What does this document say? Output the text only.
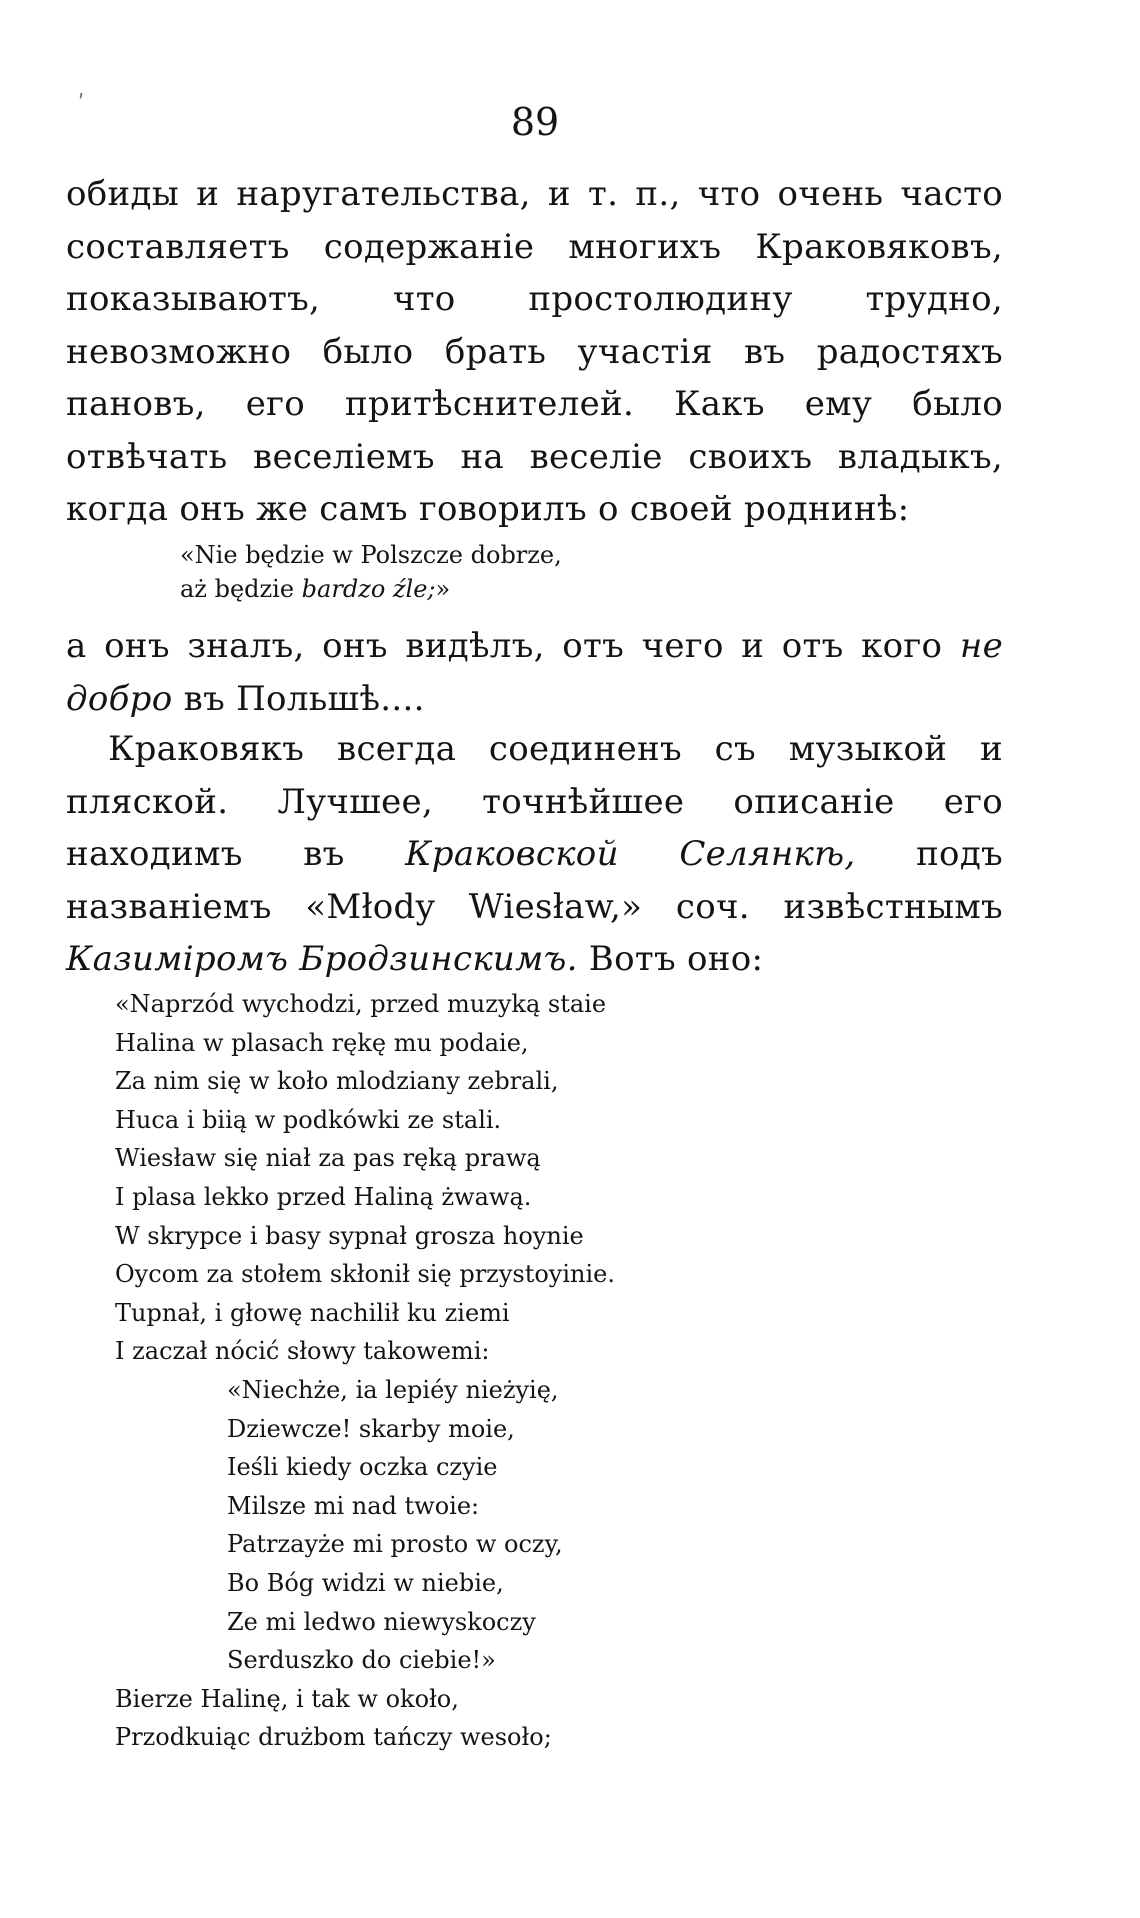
ʹ	89

обиды и наругательства, и т. п., что очень часто составляетъ содержанiе многихъ Краковяковъ, показываютъ, что простолюдину трудно, невозможно было брать участiя въ радостяхъ пановъ, его притѣснителей. Какъ ему было отвѣчать веселiемъ на веселiе своихъ владыкъ, когда онъ же самъ говорилъ о своей роднинѣ:

«Nie będzie w Polszcze dobrze,
aż będzie bardzo źle;»

а онъ зналъ, онъ видѣлъ, отъ чего и отъ кого не добро въ Польшѣ....

Краковякъ всегда соединенъ съ музыкой и пляской. Лучшее, точнѣйшее описанiе его находимъ въ Краковской Селянкѣ, подъ названiемъ «Młody Wiesław,» соч. извѣстнымъ Казимiромъ Бродзинскимъ. Вотъ оно:

«Naprzód wychodzi, przed muzyką staie
Halina w plasach rękę mu podaie,
Za nim się w koło mlodziany zebrali,
Huca i biią w podkówki ze stali.
Wiesław się niał za pas ręką prawą
I plasa lekko przed Haliną żwawą.
W skrypce i basy sypnał grosza hoynie
Oycom za stołem skłonił się przystoyinie.
Tupnał, i głowę nachilił ku ziemi
I zaczał nócić słowy takowemi:
«Niechże, ia lepiéy nieżyię,
Dziewcze! skarby moie,
Ieśli kiedy oczka czyie
Milsze mi nad twoie:
Patrzayże mi prosto w oczy,
Bo Bóg widzi w niebie,
Ze mi ledwo niewyskoczy
Serduszko do ciebie!»
Bierze Halinę, i tak w około,
Przodkuiąc drużbom tańczy wesoło;
